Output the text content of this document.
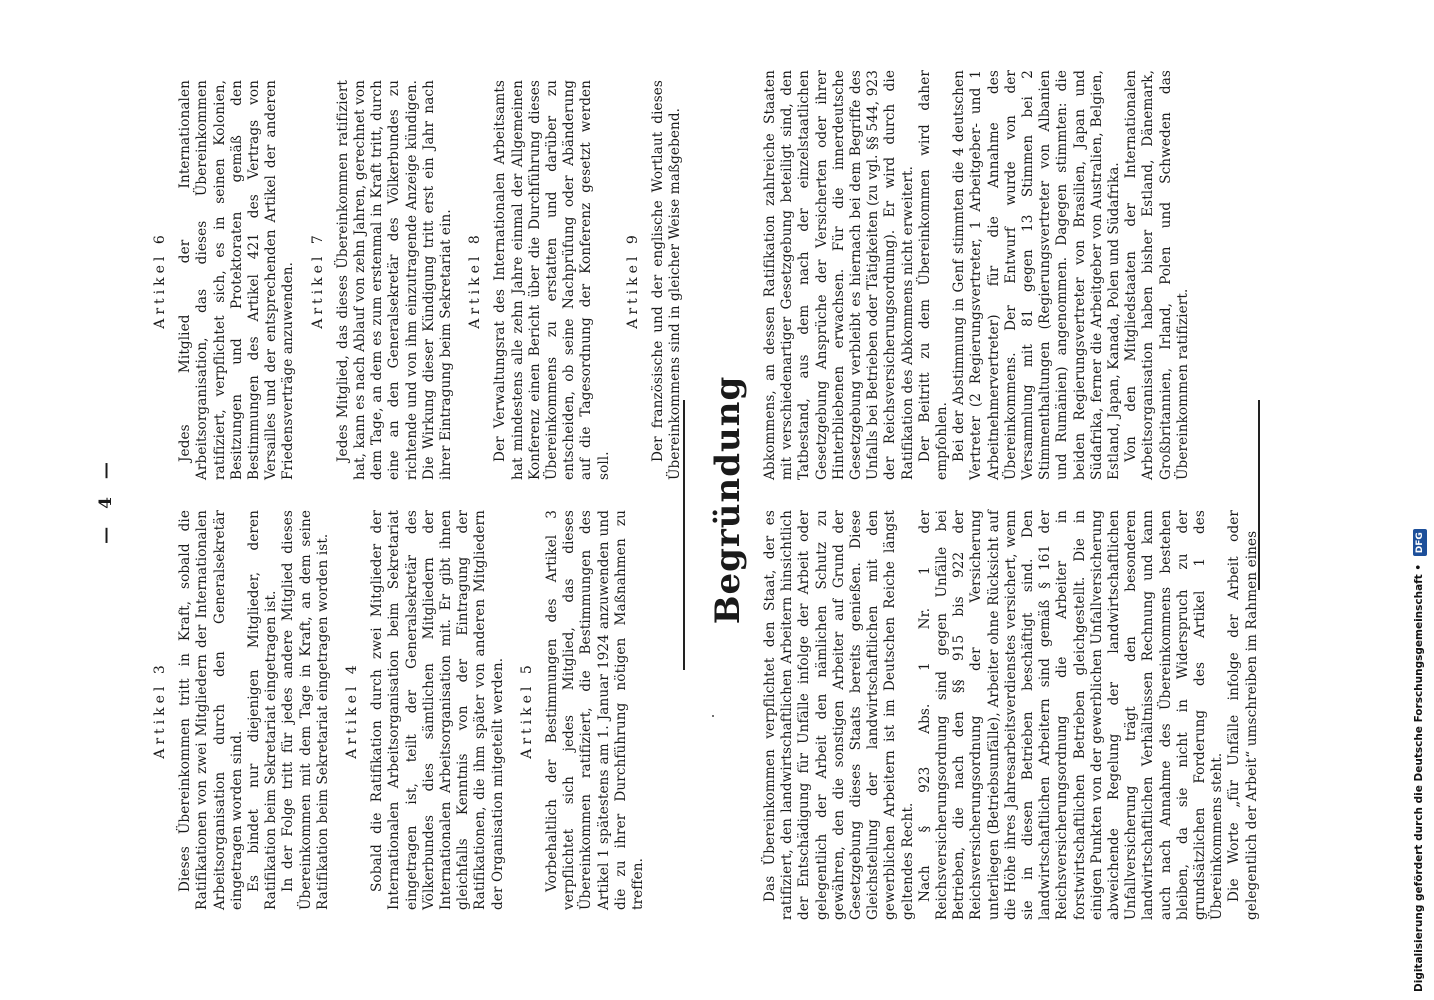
— 4 —
Artikel 3 Dieses Übereinkommen tritt in Kraft, sobald die Ratifikationen von zwei Mitgliedern der Internationalen Arbeitsorganisation durch den Generalsekretär eingetragen worden sind. Es bindet nur diejenigen Mitglieder, deren Ratifikation beim Sekretariat eingetragen ist. In der Folge tritt für jedes andere Mitglied dieses Übereinkommen mit dem Tage in Kraft, an dem seine Ratifikation beim Sekretariat eingetragen worden ist. Artikel 4 Sobald die Ratifikation durch zwei Mitglieder der Internationalen Arbeitsorganisation beim Sekretariat eingetragen ist, teilt der Generalsekretär des Völkerbundes dies sämtlichen Mitgliedern der Internationalen Arbeitsorganisation mit. Er gibt ihnen gleichfalls Kenntnis von der Eintragung der Ratifikationen, die ihm später von anderen Mitgliedern der Organisation mitgeteilt werden. Artikel 5 Vorbehaltlich der Bestimmungen des Artikel 3 verpflichtet sich jedes Mitglied, das dieses Übereinkommen ratifiziert, die Bestimmungen des Artikel 1 spätestens am 1. Januar 1924 anzuwenden und die zu ihrer Durchführung nötigen Maßnahmen zu treffen.

Artikel 6 Jedes Mitglied der Internationalen Arbeitsorganisation, das dieses Übereinkommen ratifiziert, verpflichtet sich, es in seinen Kolonien, Besitzungen und Protektoraten gemäß den Bestimmungen des Artikel 421 des Vertrags von Versailles und der entsprechenden Artikel der anderen Friedensverträge anzuwenden. Artikel 7 Jedes Mitglied, das dieses Übereinkommen ratifiziert hat, kann es nach Ablauf von zehn Jahren, gerechnet von dem Tage, an dem es zum erstenmal in Kraft tritt, durch eine an den Generalsekretär des Völkerbundes zu richtende und von ihm einzutragende Anzeige kündigen. Die Wirkung dieser Kündigung tritt erst ein Jahr nach ihrer Eintragung beim Sekretariat ein. Artikel 8 Der Verwaltungsrat des Internationalen Arbeitsamts hat mindestens alle zehn Jahre einmal der Allgemeinen Konferenz einen Bericht über die Durchführung dieses Übereinkommens zu erstatten und darüber zu entscheiden, ob seine Nachprüfung oder Abänderung auf die Tagesordnung der Konferenz gesetzt werden soll.

Artikel 9 Der französische und der englische Wortlaut dieses Übereinkommens sind in gleicher Weise maßgebend.

Begründung

Das Übereinkommen verpflichtet den Staat, der es ratifiziert, den landwirtschaftlichen Arbeitern hinsichtlich der Entschädigung für Unfälle infolge der Arbeit oder gelegentlich der Arbeit den nämlichen Schutz zu gewähren, den die sonstigen Arbeiter auf Grund der Gesetzgebung dieses Staats bereits genießen. Diese Gleichstellung der landwirtschaftlichen mit den gewerblichen Arbeitern ist im Deutschen Reiche längst geltendes Recht. Nach § 923 Abs. 1 Nr. 1 der Reichsversicherungsordnung sind gegen Unfälle bei Betrieben, die nach den §§ 915 bis 922 der Reichsversicherungsordnung der Versicherung unterliegen (Betriebsunfälle), Arbeiter ohne Rücksicht auf die Höhe ihres Jahresarbeitsverdienstes versichert, wenn sie in diesen Betrieben beschäftigt sind. Den landwirtschaftlichen Arbeitern sind gemäß § 161 der Reichsversicherungsordnung die Arbeiter in forstwirtschaftlichen Betrieben gleichgestellt. Die in einigen Punkten von der gewerblichen Unfallversicherung abweichende Regelung der landwirtschaftlichen Unfallversicherung trägt den besonderen landwirtschaftlichen Verhältnissen Rechnung und kann auch nach Annahme des Übereinkommens bestehen bleiben, da sie nicht in Widerspruch zu der grundsätzlichen Forderung des Artikel 1 des Übereinkommens steht. Die Worte „für Unfälle infolge der Arbeit oder gelegentlich der Arbeit“ umschreiben im Rahmen eines

Abkommens, an dessen Ratifikation zahlreiche Staaten mit verschiedenartiger Gesetzgebung beteiligt sind, den Tatbestand, aus dem nach der einzelstaatlichen Gesetzgebung Ansprüche der Versicherten oder ihrer Hinterbliebenen erwachsen. Für die innerdeutsche Gesetzgebung verbleibt es hiernach bei dem Begriffe des Unfalls bei Betrieben oder Tätigkeiten (zu vgl. §§ 544, 923 der Reichsversicherungsordnung). Er wird durch die Ratifikation des Abkommens nicht erweitert. Der Beitritt zu dem Übereinkommen wird daher empfohlen. Bei der Abstimmung in Genf stimmten die 4 deutschen Vertreter (2 Regierungsvertreter, 1 Arbeitgeber- und 1 Arbeitnehmervertreter) für die Annahme des Übereinkommens. Der Entwurf wurde von der Versammlung mit 81 gegen 13 Stimmen bei 2 Stimmenthaltungen (Regierungsvertreter von Albanien und Rumänien) angenommen. Dagegen stimmten: die beiden Regierungsvertreter von Brasilien, Japan und Südafrika, ferner die Arbeitgeber von Australien, Belgien, Estland, Japan, Kanada, Polen und Südafrika. Von den Mitgliedstaaten der Internationalen Arbeitsorganisation haben bisher Estland, Dänemark, Großbritannien, Irland, Polen und Schweden das Übereinkommen ratifiziert.

Digitalisierung gefördert durch die Deutsche Forschungsgemeinschaft • DFG
